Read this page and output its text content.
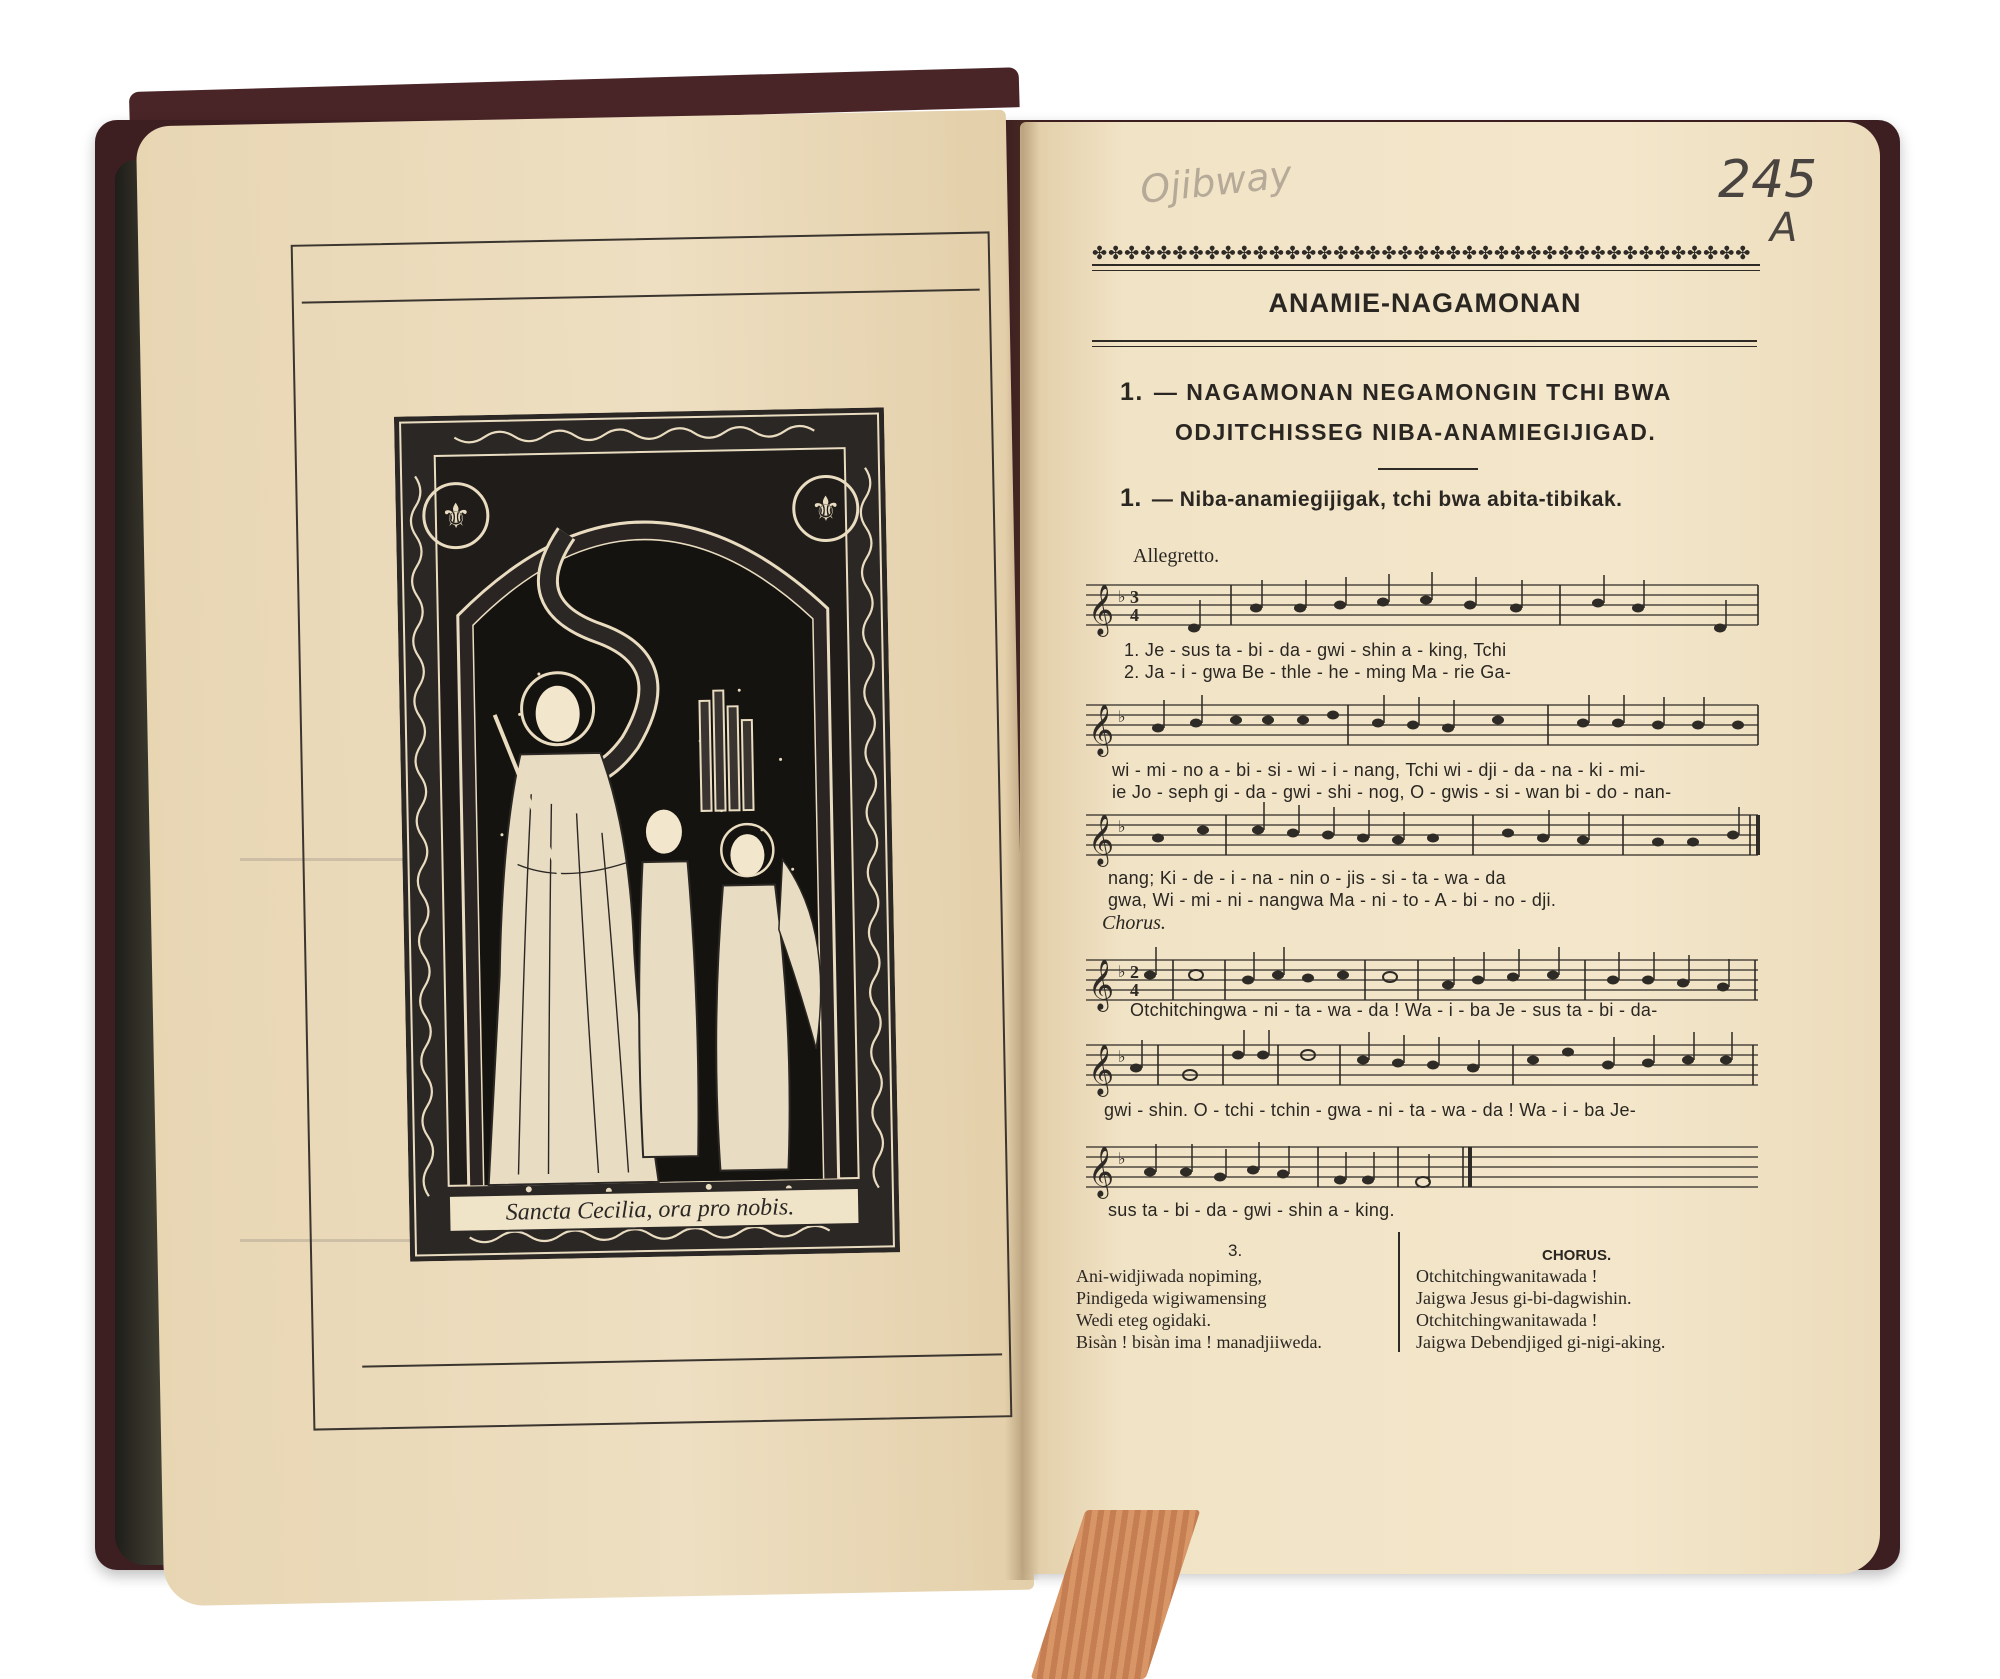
⚜	⚜
Sancta Cecilia, ora pro nobis.
Ojibway	245
A
✤✤✤✤✤✤✤✤✤✤✤✤✤✤✤✤✤✤✤✤✤✤✤✤✤✤✤✤✤✤✤✤✤✤✤✤✤✤✤✤✤
ANAMIE-NAGAMONAN
1. — NAGAMONAN NEGAMONGIN TCHI BWA
ODJITCHISSEG NIBA-ANAMIEGIJIGAD.
1. — Niba-anamiegijigak, tchi bwa abita-tibikak.
Allegretto.
𝄞 ♭ 3
4
1. Je - sus ta - bi - da - gwi - shin a - king, Tchi
2. Ja - i - gwa Be - thle - he - ming Ma - rie Ga-
𝄞 ♭
wi - mi - no a - bi - si - wi - i - nang, Tchi wi - dji - da - na - ki - mi-
ie Jo - seph gi - da - gwi - shi - nog, O - gwis - si - wan bi - do - nan-
𝄞 ♭
nang; Ki - de - i - na - nin o - jis - si - ta - wa - da
gwa, Wi - mi - ni - nangwa Ma - ni - to - A - bi - no - dji.
Chorus.
𝄞 ♭ 2
4
Otchitchingwa - ni - ta - wa - da ! Wa - i - ba Je - sus ta - bi - da-
𝄞 ♭
gwi - shin. O - tchi - tchin - gwa - ni - ta - wa - da ! Wa - i - ba Je-
𝄞 ♭
sus ta - bi - da - gwi - shin a - king.
3.
Ani-widjiwada nopiming,
Pindigeda wigiwamensing
Wedi eteg ogidaki.
Bisàn ! bisàn ima ! manadjiiweda.
CHORUS.
Otchitchingwanitawada !
Jaigwa Jesus gi-bi-dagwishin.
Otchitchingwanitawada !
Jaigwa Debendjiged gi-nigi-aking.
